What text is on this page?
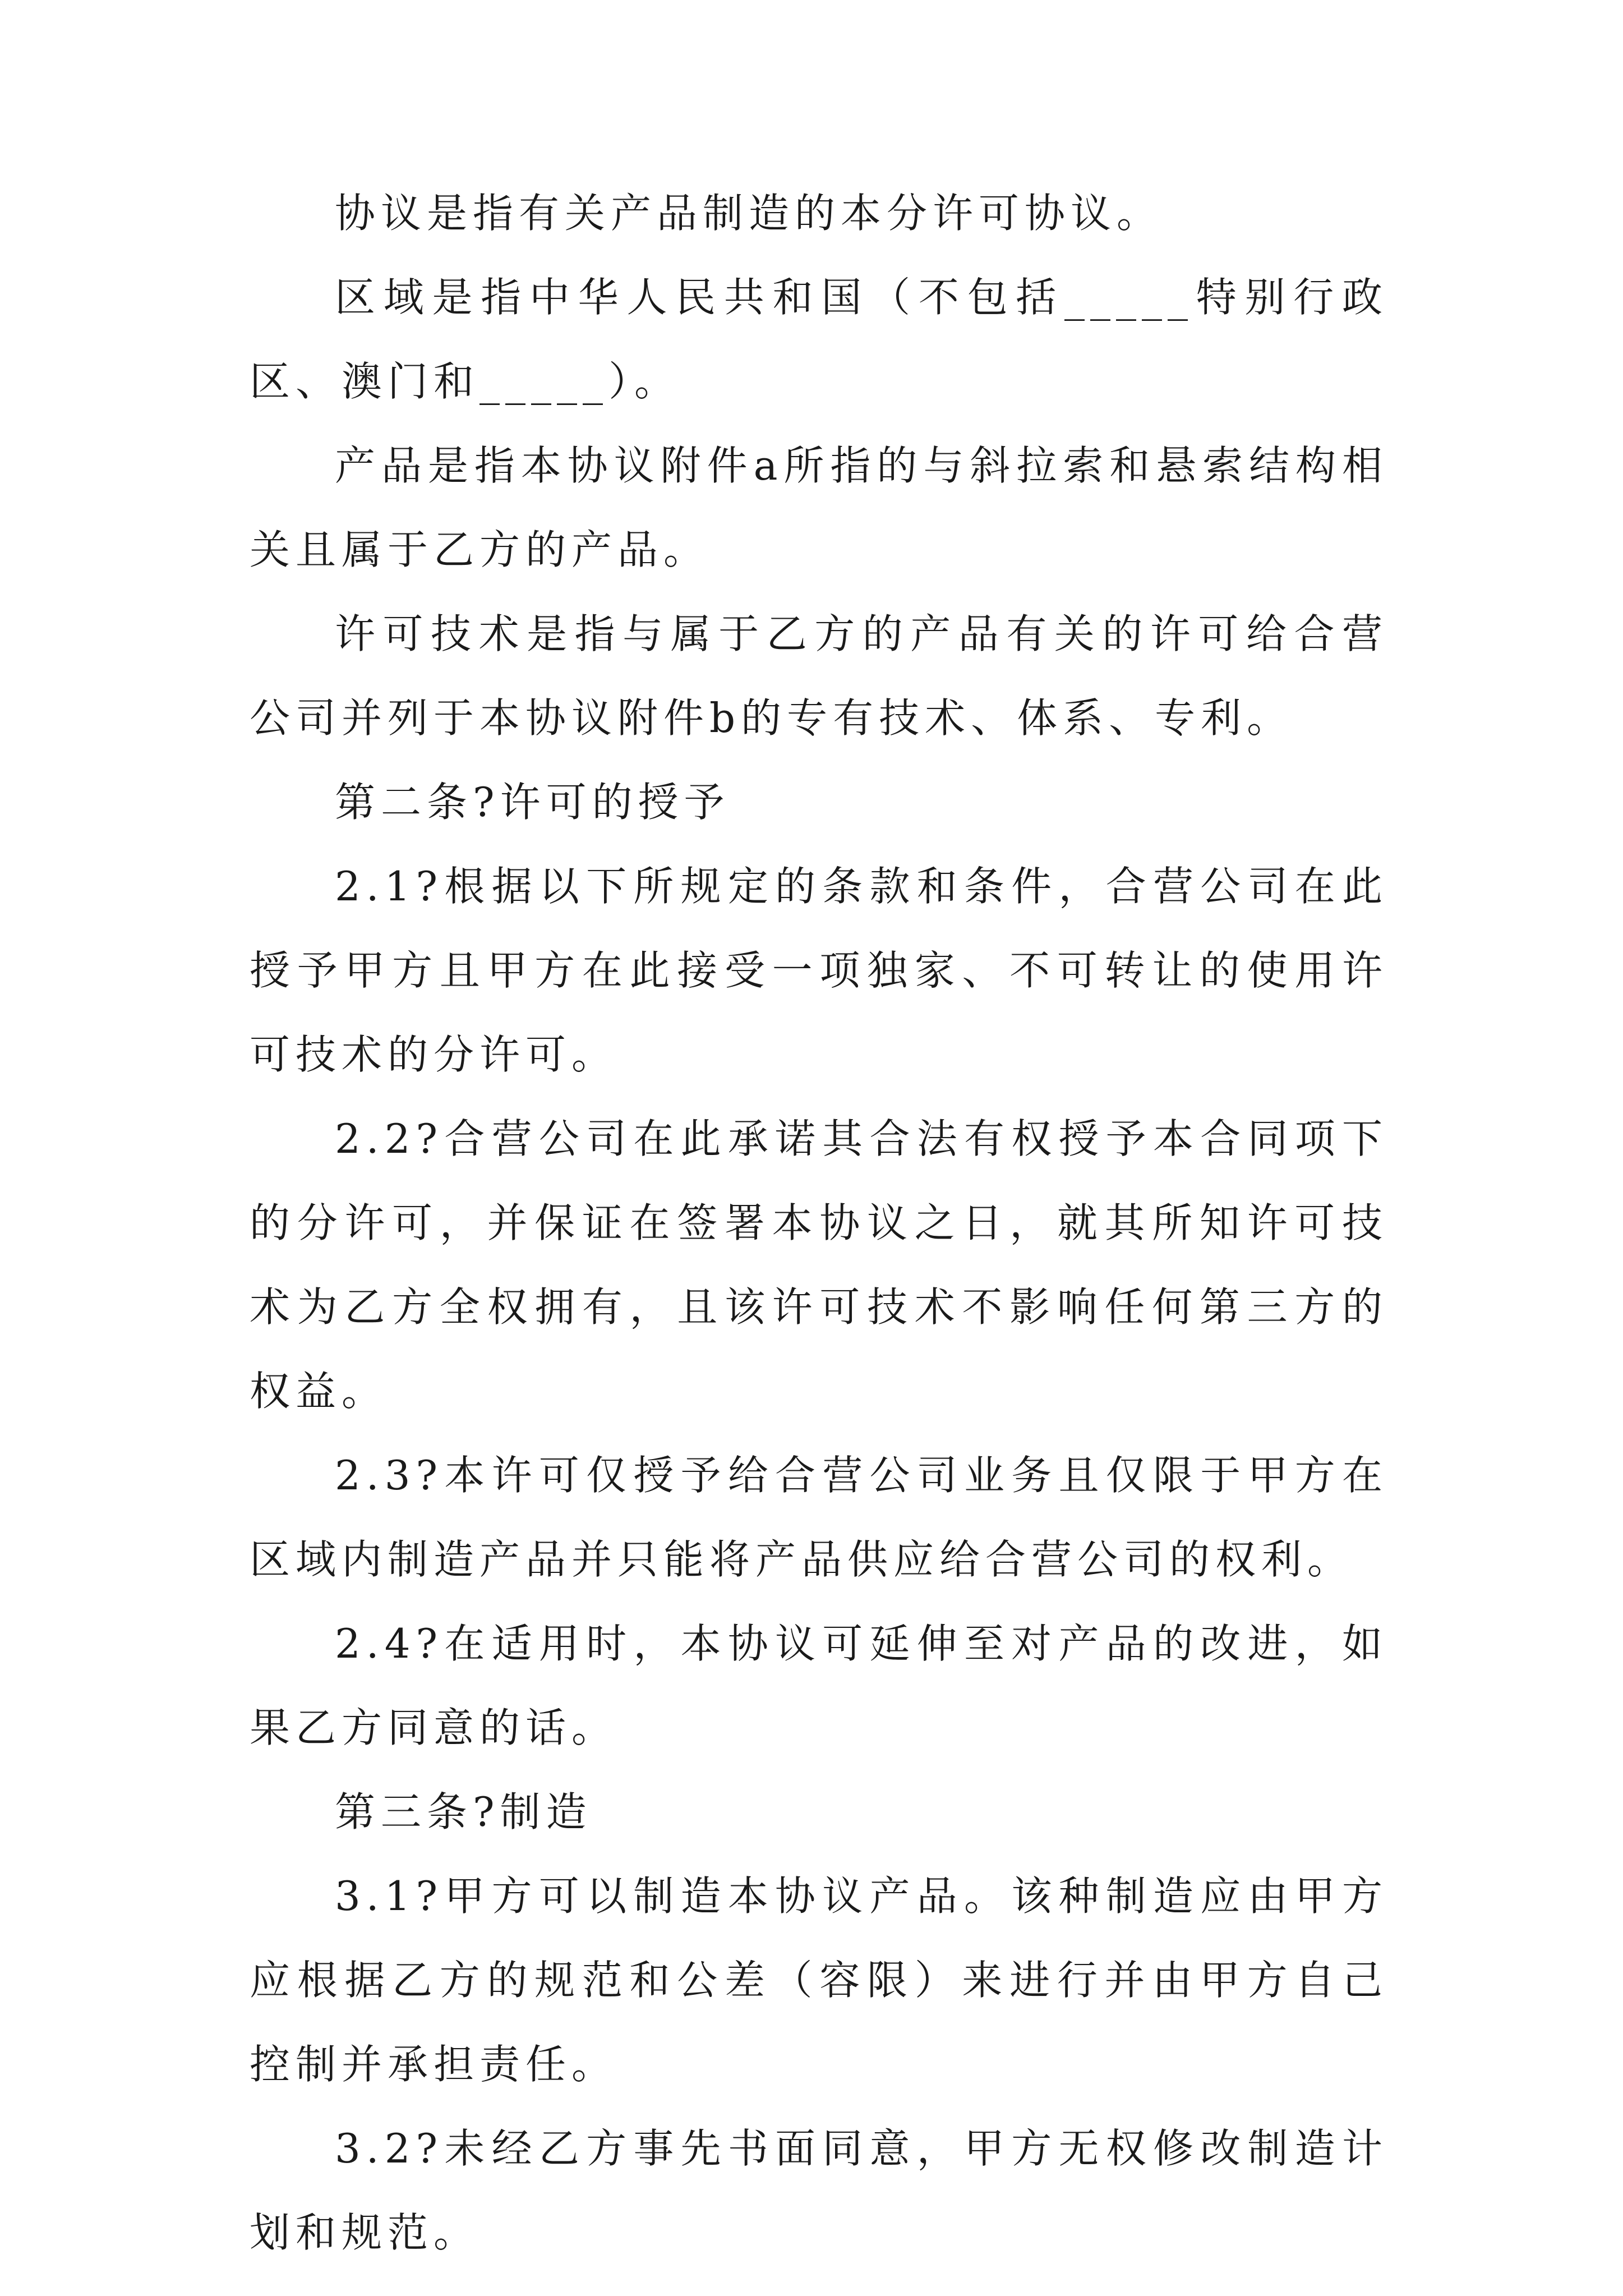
协议是指有关产品制造的本分许可协议。

区域是指中华人民共和国（不包括_____特别行政区、澳门和_____）。

产品是指本协议附件a所指的与斜拉索和悬索结构相关且属于乙方的产品。

许可技术是指与属于乙方的产品有关的许可给合营公司并列于本协议附件b的专有技术、体系、专利。

第二条?许可的授予

2.1?根据以下所规定的条款和条件，合营公司在此授予甲方且甲方在此接受一项独家、不可转让的使用许可技术的分许可。

2.2?合营公司在此承诺其合法有权授予本合同项下的分许可，并保证在签署本协议之日，就其所知许可技术为乙方全权拥有，且该许可技术不影响任何第三方的权益。

2.3?本许可仅授予给合营公司业务且仅限于甲方在区域内制造产品并只能将产品供应给合营公司的权利。

2.4?在适用时，本协议可延伸至对产品的改进，如果乙方同意的话。

第三条?制造

3.1?甲方可以制造本协议产品。该种制造应由甲方应根据乙方的规范和公差（容限）来进行并由甲方自己控制并承担责任。

3.2?未经乙方事先书面同意，甲方无权修改制造计划和规范。
